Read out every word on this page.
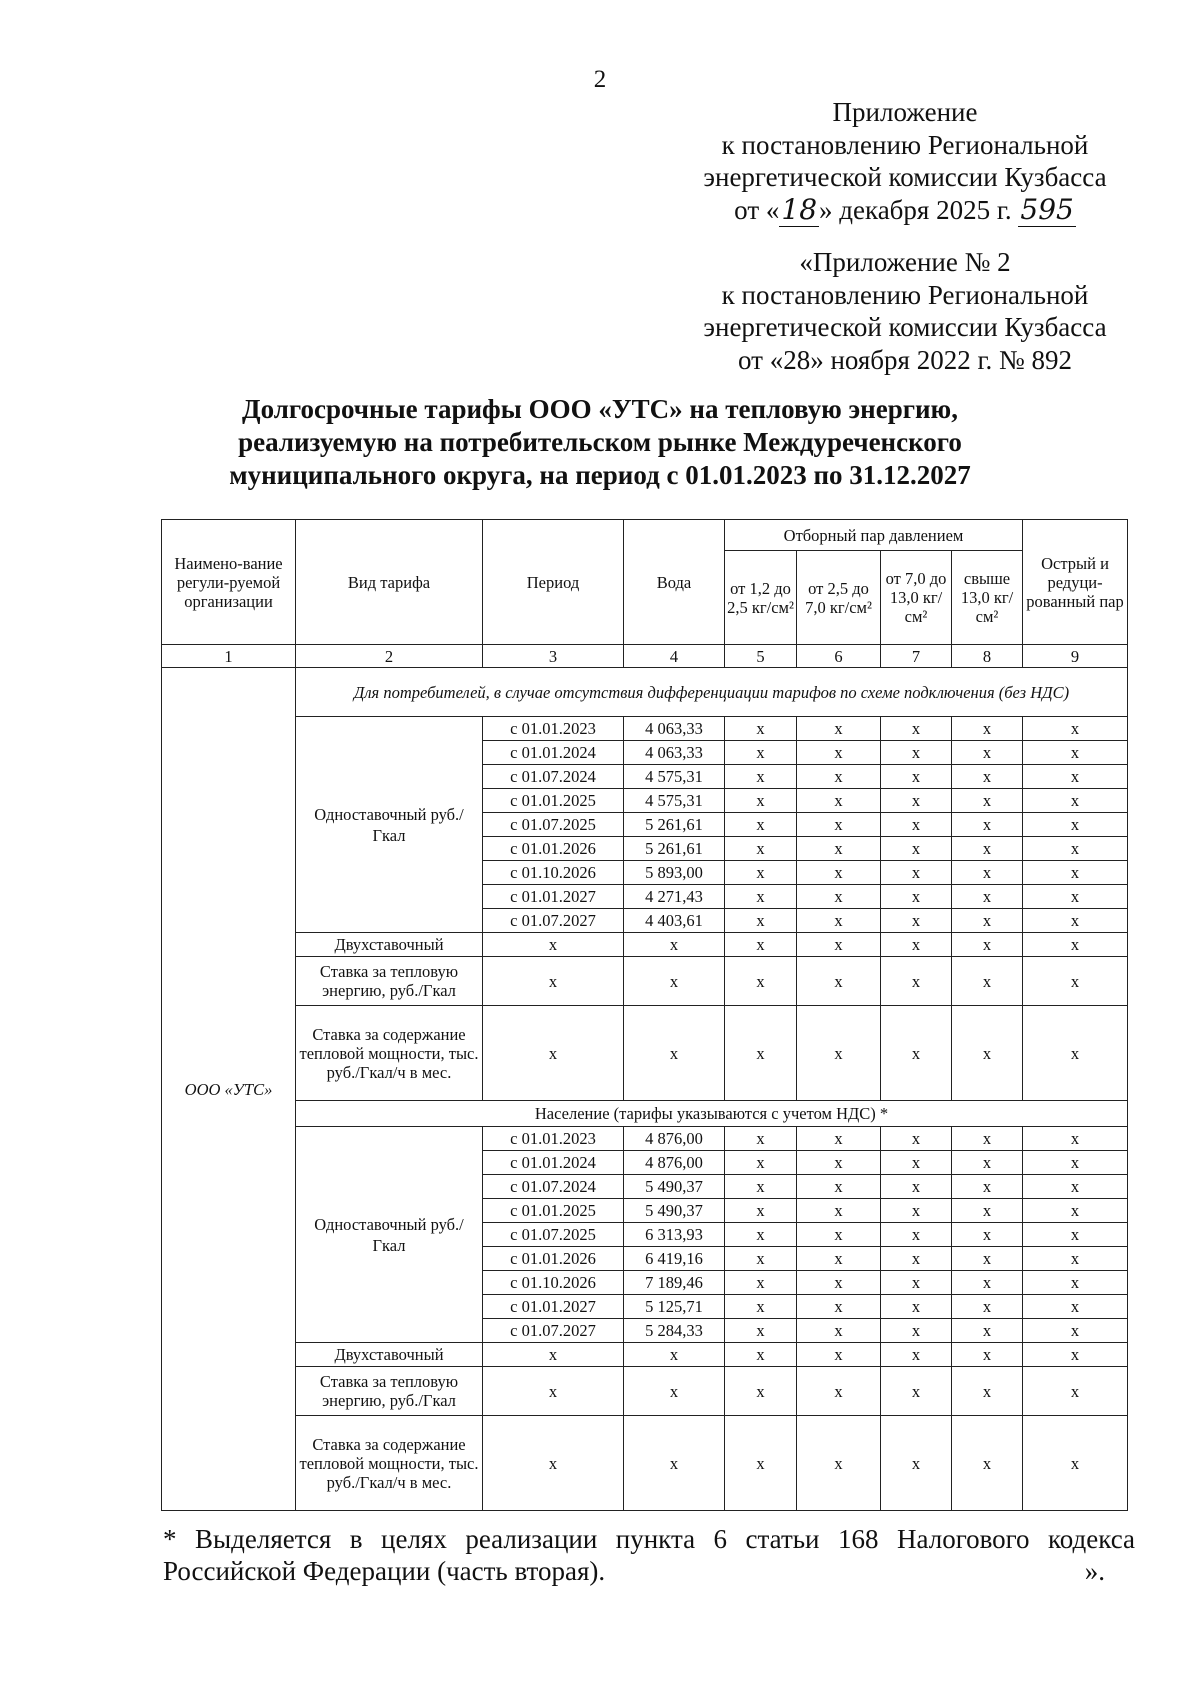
2
Приложение
к постановлению Региональной
энергетической комиссии Кузбасса
от «18» декабря 2025 г. 595
«Приложение № 2
к постановлению Региональной
энергетической комиссии Кузбасса
от «28» ноября 2022 г. № 892
Долгосрочные тарифы ООО «УТС» на тепловую энергию,
реализуемую на потребительском рынке Междуреченского
муниципального округа, на период с 01.01.2023 по 31.12.2027
Наимено-вание регули-руемой организации	Вид тарифа	Период	Вода	Отборный пар давлением				Острый и редуци-рованный пар
				от 1,2 до 2,5 кг/см²	от 2,5 до 7,0 кг/см²	от 7,0 до 13,0 кг/см²	свыше 13,0 кг/см²	
1	2	3	4	5	6	7	8	9
ООО «УТС»	Для потребителей, в случае отсутствия дифференциации тарифов по схеме подключения (без НДС)							
	Одноставочный руб./Гкал	с 01.01.2023	4 063,33	x	x	x	x	x
		с 01.01.2024	4 063,33	x	x	x	x	x
		с 01.07.2024	4 575,31	x	x	x	x	x
		с 01.01.2025	4 575,31	x	x	x	x	x
		с 01.07.2025	5 261,61	x	x	x	x	x
		с 01.01.2026	5 261,61	x	x	x	x	x
		с 01.10.2026	5 893,00	x	x	x	x	x
		с 01.01.2027	4 271,43	x	x	x	x	x
		с 01.07.2027	4 403,61	x	x	x	x	x
	Двухставочный	x	x	x	x	x	x	x
	Ставка за тепловую энергию, руб./Гкал	x	x	x	x	x	x	x
	Ставка за содержание тепловой мощности, тыс. руб./Гкал/ч в мес.	x	x	x	x	x	x	x
	Население (тарифы указываются с учетом НДС) *							
	Одноставочный руб./Гкал	с 01.01.2023	4 876,00	x	x	x	x	x
		с 01.01.2024	4 876,00	x	x	x	x	x
		с 01.07.2024	5 490,37	x	x	x	x	x
		с 01.01.2025	5 490,37	x	x	x	x	x
		с 01.07.2025	6 313,93	x	x	x	x	x
		с 01.01.2026	6 419,16	x	x	x	x	x
		с 01.10.2026	7 189,46	x	x	x	x	x
		с 01.01.2027	5 125,71	x	x	x	x	x
		с 01.07.2027	5 284,33	x	x	x	x	x
	Двухставочный	x	x	x	x	x	x	x
	Ставка за тепловую энергию, руб./Гкал	x	x	x	x	x	x	x
	Ставка за содержание тепловой мощности, тыс. руб./Гкал/ч в мес.	x	x	x	x	x	x	x
* Выделяется в целях реализации пункта 6 статьи 168 Налогового кодекса
Российской Федерации (часть вторая).	».
